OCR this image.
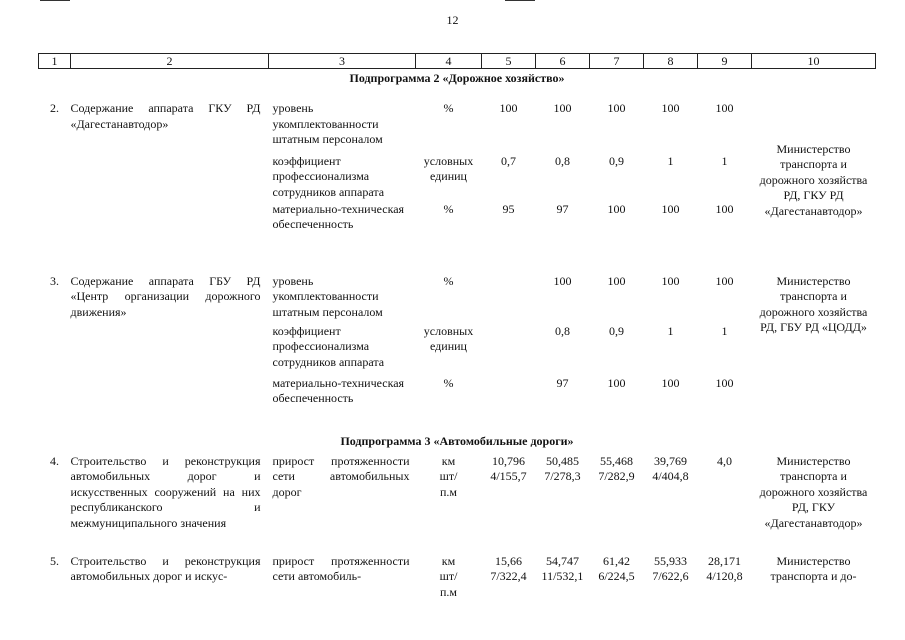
12
1	2	3	4	5	6	7	8	9	10
Подпрограмма 2 «Дорожное хозяйство»									
2.	Содержание аппарата ГКУ РД «Дагестанавтодор»	уровень укомплектованности штатным персоналом	%	100	100	100	100	100	Министерство транспорта и дорожного хозяйства РД, ГКУ РД «Дагестанавтодор»
		коэффициент профессионализма сотрудников аппарата	условных единиц	0,7	0,8	0,9	1	1	
		материально-техническая обеспеченность	%	95	97	100	100	100	
3.	Содержание аппарата ГБУ РД «Центр организации дорожного движения»	уровень укомплектованности штатным персоналом	%		100	100	100	100	Министерство транспорта и дорожного хозяйства РД, ГБУ РД «ЦОДД»
		коэффициент профессионализма сотрудников аппарата	условных единиц		0,8	0,9	1	1	
		материально-техническая обеспеченность	%		97	100	100	100	
Подпрограмма 3 «Автомобильные дороги»									
4.	Строительство и реконструкция автомобильных дорог и искусственных сооружений на них республиканского и межмуниципального значения	прирост протяженности сети автомобильных дорог	км шт/п.м	10,796 4/155,7	50,485 7/278,3	55,468 7/282,9	39,769 4/404,8	4,0	Министерство транспорта и дорожного хозяйства РД, ГКУ «Дагестанавтодор»
5.	Строительство и реконструкция автомобильных дорог и искус-	прирост протяженности сети автомобиль-	км шт/п.м	15,66 7/322,4	54,747 11/532,1	61,42 6/224,5	55,933 7/622,6	28,171 4/120,8	Министерство транспорта и до-
